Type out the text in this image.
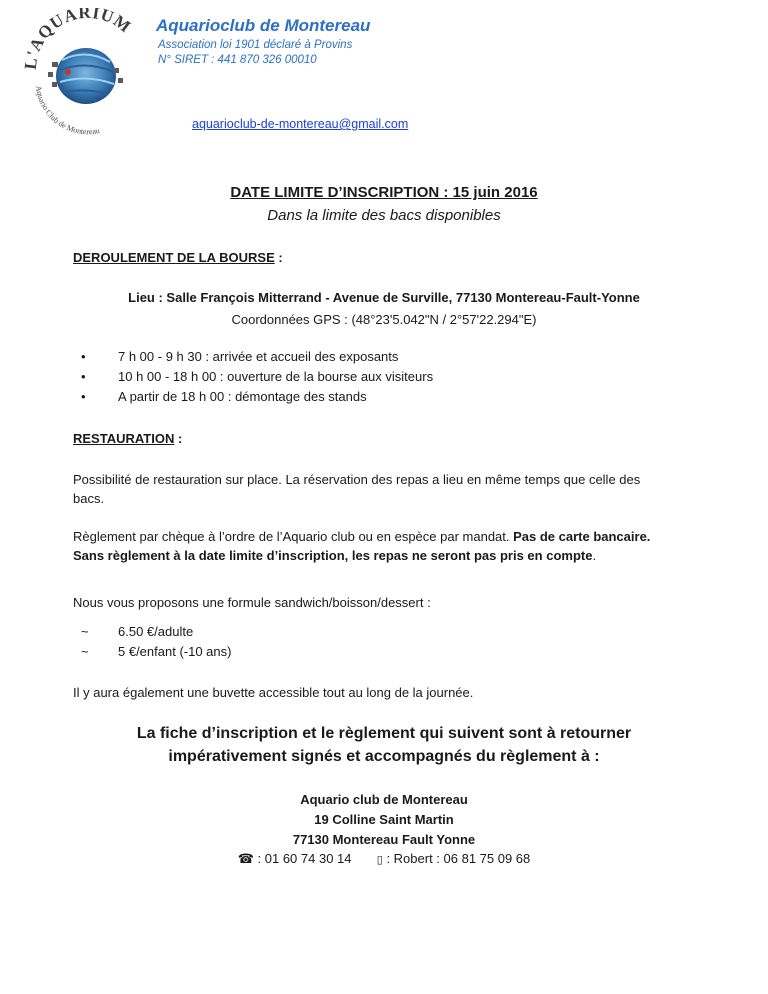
L'AQUARIUM
Aquario Club de Montereau
Aquarioclub de Montereau
Association loi 1901 déclaré à Provins
N° SIRET : 441 870 326 00010
aquarioclub-de-montereau@gmail.com
DATE LIMITE D’INSCRIPTION : 15 juin 2016
Dans la limite des bacs disponibles
DEROULEMENT DE LA BOURSE :
Lieu : Salle François Mitterrand - Avenue de Surville, 77130 Montereau-Fault-Yonne
Coordonnées GPS : (48°23'5.042"N / 2°57'22.294"E)
• 7 h 00 - 9 h 30 : arrivée et accueil des exposants
• 10 h 00 - 18 h 00 : ouverture de la bourse aux visiteurs
• A partir de 18 h 00 : démontage des stands
RESTAURATION :
Possibilité de restauration sur place. La réservation des repas a lieu en même temps que celle des
bacs.
Règlement par chèque à l’ordre de l’Aquario club ou en espèce par mandat. Pas de carte bancaire.
Sans règlement à la date limite d’inscription, les repas ne seront pas pris en compte.
Nous vous proposons une formule sandwich/boisson/dessert :
~ 6.50 €/adulte
~ 5 €/enfant (-10 ans)
Il y aura également une buvette accessible tout au long de la journée.
La fiche d’inscription et le règlement qui suivent sont à retourner
impérativement signés et accompagnés du règlement à :
Aquario club de Montereau
19 Colline Saint Martin
77130 Montereau Fault Yonne
☎ : 01 60 74 30 14 ▯ : Robert : 06 81 75 09 68
